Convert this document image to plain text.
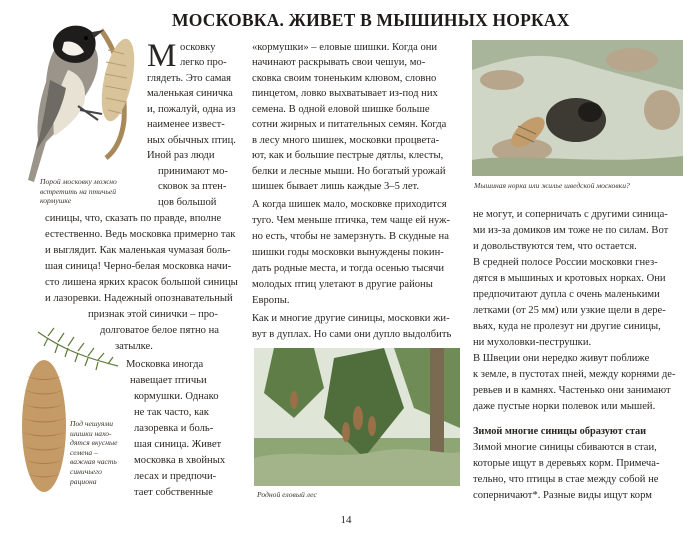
МОСКОВКА. ЖИВЕТ В МЫШИНЫХ НОРКАХ
Порой московку можно
встретить на птичьей
кормушке
Под чешуями
шишки нахо-
дятся вкусные
семена –
важная часть
синичьего
рациона
М осковку
легко про-
глядеть. Это самая
маленькая синичка
и, пожалуй, одна из
наименее извест-
ных обычных птиц.
Иной раз люди
принимают мо-
сковок за птен-
цов большой
синицы, что, сказать по правде, вполне
естественно. Ведь московка примерно так
и выглядит. Как маленькая чумазая боль-
шая синица! Черно-белая московка начи-
сто лишена ярких красок большой синицы
и лазоревки. Надежный опознавательный
признак этой синички – про-
долговатое белое пятно на
затылке.
Московка иногда
навещает птичьи
кормушки. Однако
не так часто, как
лазоревка и боль-
шая синица. Живет
московка в хвойных
лесах и предпочи-
тает собственные
«кормушки» – еловые шишки. Когда они
начинают раскрывать свои чешуи, мо-
сковка своим тоненьким клювом, словно
пинцетом, ловко выхватывает из-под них
семена. В одной еловой шишке больше
сотни жирных и питательных семян. Когда
в лесу много шишек, московки процвета-
ют, как и большие пестрые дятлы, клесты,
белки и лесные мыши. Но богатый урожай
шишек бывает лишь каждые 3–5 лет.
А когда шишек мало, московке приходится
туго. Чем меньше птичка, тем чаще ей нуж-
но есть, чтобы не замерзнуть. В скудные на
шишки годы московки вынуждены покин-
дать родные места, и тогда осенью тысячи
молодых птиц улетают в другие районы
Европы.
Как и многие другие синицы, московки жи-
вут в дуплах. Но сами они дупло выдолбить
Родной еловый лес
Мышиная норка или жилье шведской московки?
не могут, и соперничать с другими синица-
ми из-за домиков им тоже не по силам. Вот
и довольствуются тем, что остается.
В средней полосе России московки гнез-
дятся в мышиных и кротовых норках. Они
предпочитают дупла с очень маленькими
летками (от 25 мм) или узкие щели в дере-
вьях, куда не пролезут ни другие синицы,
ни мухоловки-пеструшки.
В Швеции они нередко живут поближе
к земле, в пустотах пней, между корнями де-
ревьев и в камнях. Частенько они занимают
даже пустые норки полевок или мышей.
Зимой многие синицы образуют стаи
Зимой многие синицы сбиваются в стаи,
которые ищут в деревьях корм. Примеча-
тельно, что птицы в стае между собой не
соперничают*. Разные виды ищут корм
14
